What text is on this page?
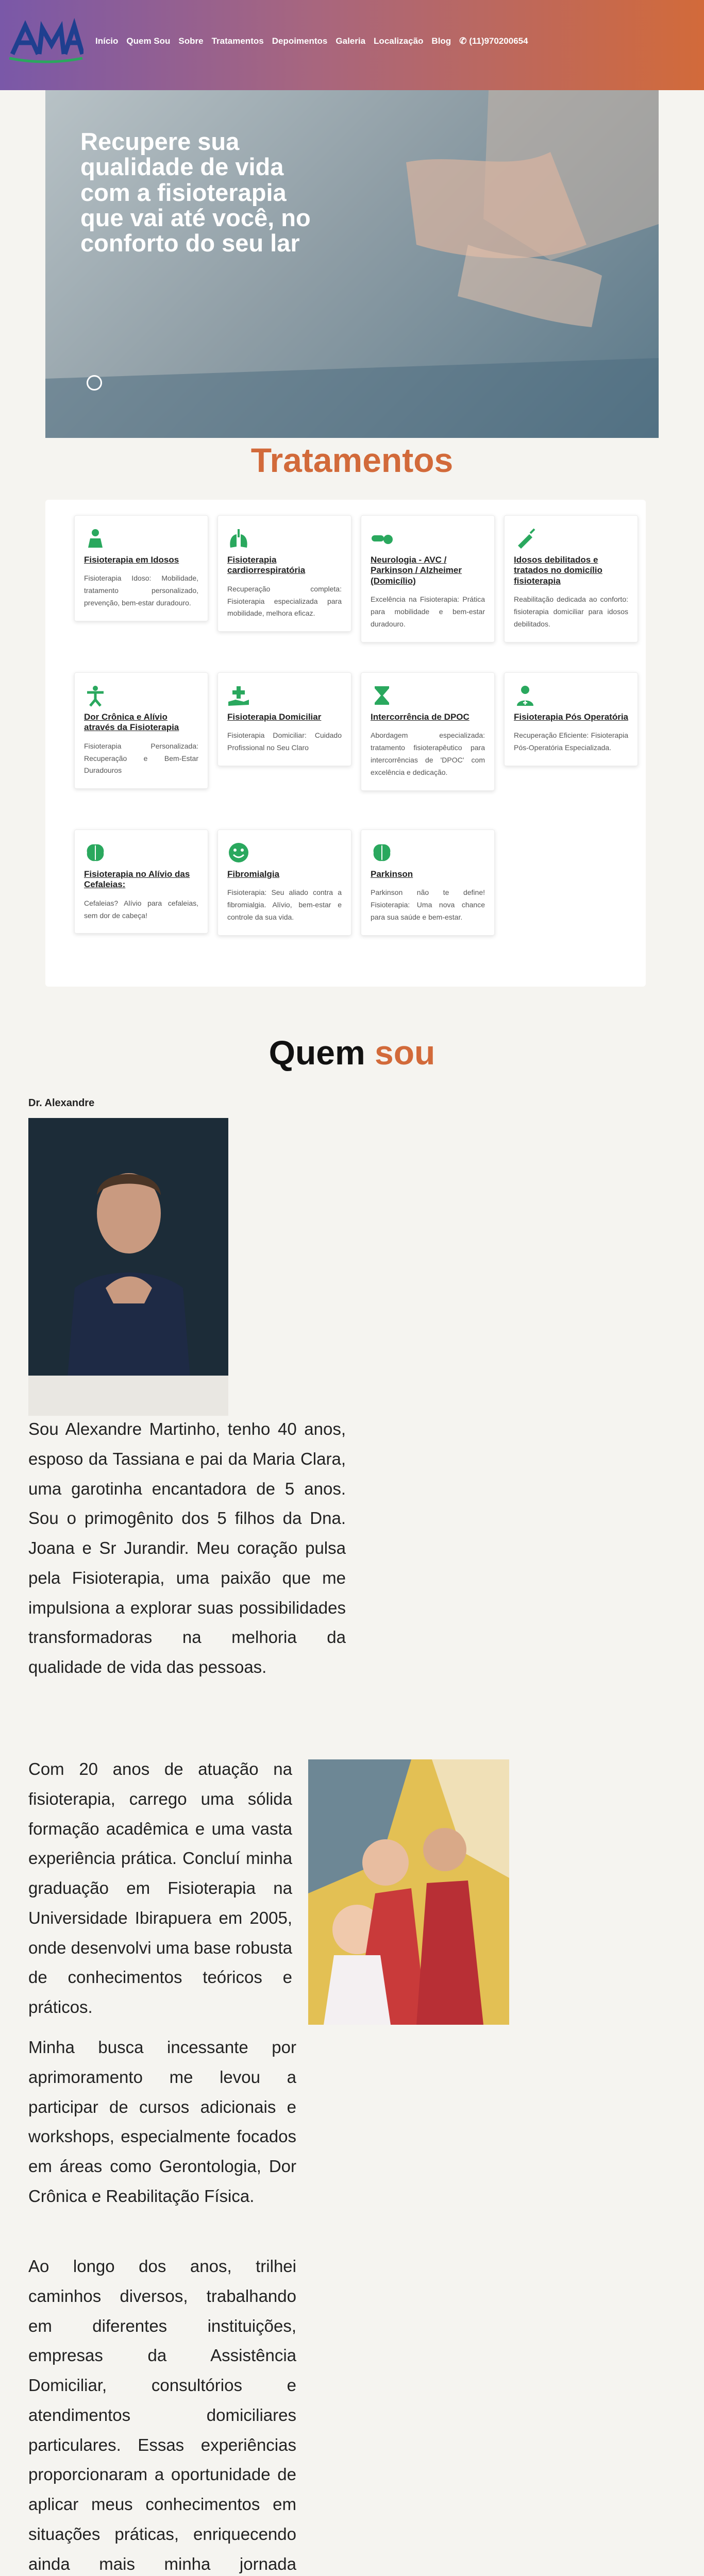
Início Quem Sou Sobre Tratamentos Depoimentos Galeria Localização Blog ✆ (11)970200654
Recupere sua qualidade de vida com a fisioterapia que vai até você, no conforto do seu lar
Tratamentos
Fisioterapia em Idosos

Fisioterapia Idoso: Mobilidade, tratamento personalizado, prevenção, bem-estar duradouro.

Fisioterapia cardiorrespiratória

Recuperação completa: Fisioterapia especializada para mobilidade, melhora eficaz.

Neurologia - AVC / Parkinson / Alzheimer (Domicílio)

Excelência na Fisioterapia: Prática para mobilidade e bem-estar duradouro.

Idosos debilitados e tratados no domicílio fisioterapia

Reabilitação dedicada ao conforto: fisioterapia domiciliar para idosos debilitados.

Dor Crônica e Alívio através da Fisioterapia

Fisioterapia Personalizada: Recuperação e Bem-Estar Duradouros

Fisioterapia Domiciliar

Fisioterapia Domiciliar: Cuidado Profissional no Seu Claro

Intercorrência de DPOC

Abordagem especializada: tratamento fisioterapêutico para intercorrências de 'DPOC' com excelência e dedicação.

Fisioterapia Pós Operatória

Recuperação Eficiente: Fisioterapia Pós-Operatória Especializada.

Fisioterapia no Alívio das Cefaleias:

Cefaleias? Alívio para cefaleias, sem dor de cabeça!

Fibromialgia

Fisioterapia: Seu aliado contra a fibromialgia. Alívio, bem-estar e controle da sua vida.

Parkinson

Parkinson não te define! Fisioterapia: Uma nova chance para sua saúde e bem-estar.

Quem sou
Dr. Alexandre
Sou Alexandre Martinho, tenho 40 anos, esposo da Tassiana e pai da Maria Clara, uma garotinha encantadora de 5 anos. Sou o primogênito dos 5 filhos da Dna. Joana e Sr Jurandir. Meu coração pulsa pela Fisioterapia, uma paixão que me impulsiona a explorar suas possibilidades transformadoras na melhoria da qualidade de vida das pessoas.
Com 20 anos de atuação na fisioterapia, carrego uma sólida formação acadêmica e uma vasta experiência prática. Concluí minha graduação em Fisioterapia na Universidade Ibirapuera em 2005, onde desenvolvi uma base robusta de conhecimentos teóricos e práticos.
Minha busca incessante por aprimoramento me levou a participar de cursos adicionais e workshops, especialmente focados em áreas como Gerontologia, Dor Crônica e Reabilitação Física.
Ao longo dos anos, trilhei caminhos diversos, trabalhando em diferentes instituições, empresas da Assistência Domiciliar, consultórios e atendimentos domiciliares particulares. Essas experiências proporcionaram a oportunidade de aplicar meus conhecimentos em situações práticas, enriquecendo ainda mais minha jornada
